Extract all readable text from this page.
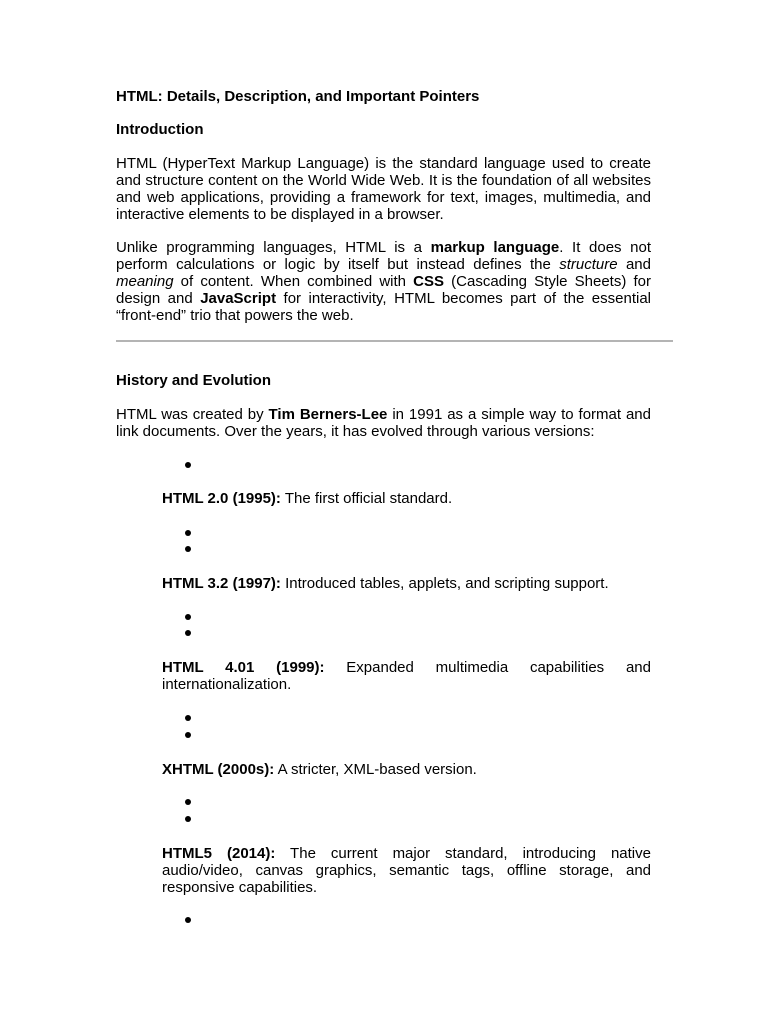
HTML: Details, Description, and Important Pointers
Introduction

HTML (HyperText Markup Language) is the standard language used to create and structure content on the World Wide Web. It is the foundation of all websites and web applications, providing a framework for text, images, multimedia, and interactive elements to be displayed in a browser.

Unlike programming languages, HTML is a markup language. It does not perform calculations or logic by itself but instead defines the structure and meaning of content. When combined with CSS (Cascading Style Sheets) for design and JavaScript for interactivity, HTML becomes part of the essential “front-end” trio that powers the web.

History and Evolution

HTML was created by Tim Berners-Lee in 1991 as a simple way to format and link documents. Over the years, it has evolved through various versions:

HTML 2.0 (1995): The first official standard.

HTML 3.2 (1997): Introduced tables, applets, and scripting support.

HTML 4.01 (1999): Expanded multimedia capabilities and internationalization.

XHTML (2000s): A stricter, XML-based version.

HTML5 (2014): The current major standard, introducing native audio/video, canvas graphics, semantic tags, offline storage, and responsive capabilities.
